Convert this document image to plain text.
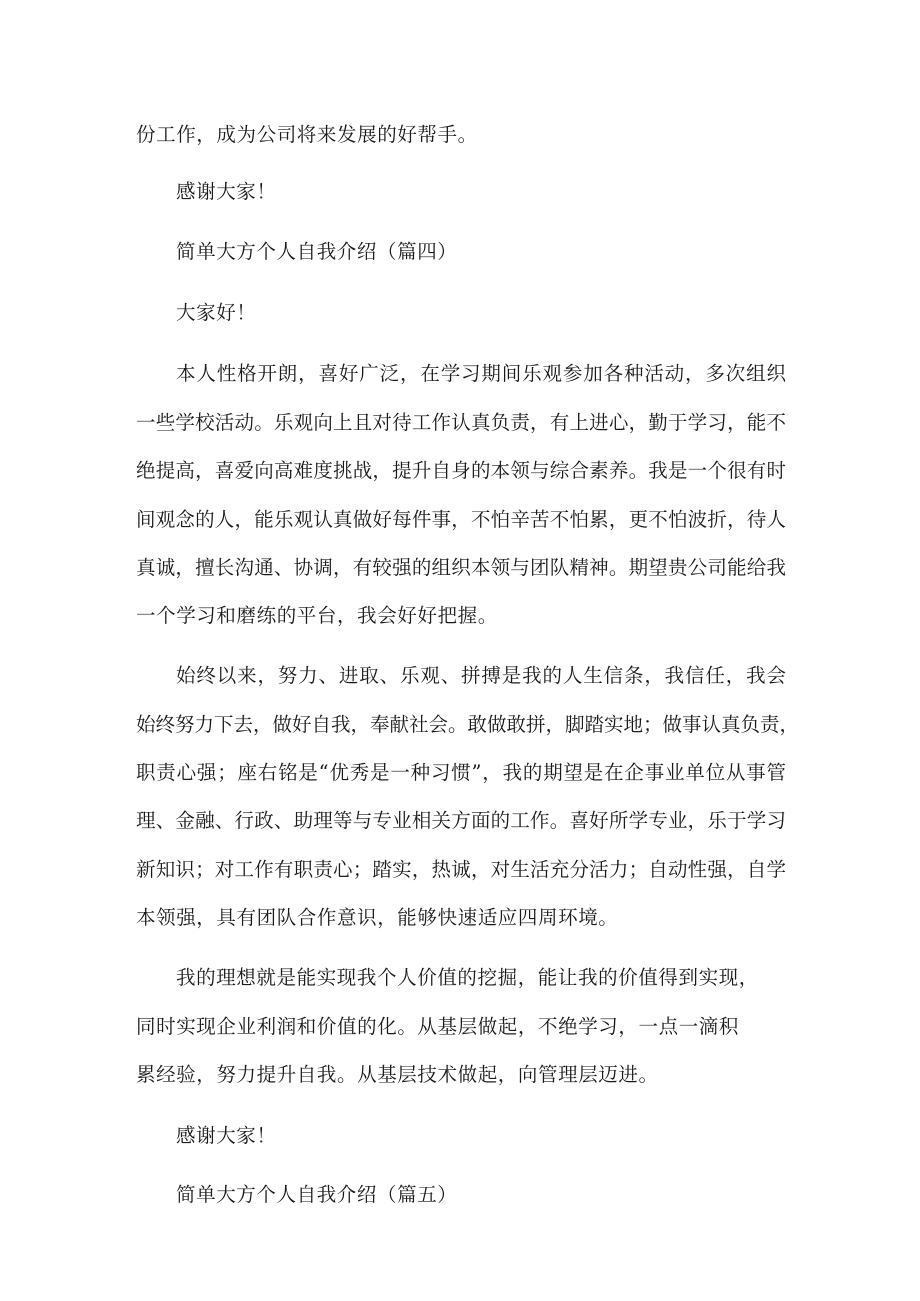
份工作，成为公司将来发展的好帮手。
感谢大家！
简单大方个人自我介绍（篇四）
大家好！
本人性格开朗，喜好广泛，在学习期间乐观参加各种活动，多次组织
一些学校活动。乐观向上且对待工作认真负责，有上进心，勤于学习，能不
绝提高，喜爱向高难度挑战，提升自身的本领与综合素养。我是一个很有时
间观念的人，能乐观认真做好每件事，不怕辛苦不怕累，更不怕波折，待人
真诚，擅长沟通、协调，有较强的组织本领与团队精神。期望贵公司能给我
一个学习和磨练的平台，我会好好把握。
始终以来，努力、进取、乐观、拼搏是我的人生信条，我信任，我会
始终努力下去，做好自我，奉献社会。敢做敢拼，脚踏实地；做事认真负责，
职责心强；座右铭是“优秀是一种习惯”，我的期望是在企事业单位从事管
理、金融、行政、助理等与专业相关方面的工作。喜好所学专业，乐于学习
新知识；对工作有职责心；踏实，热诚，对生活充分活力；自动性强，自学
本领强，具有团队合作意识，能够快速适应四周环境。
我的理想就是能实现我个人价值的挖掘，能让我的价值得到实现，
同时实现企业利润和价值的化。从基层做起，不绝学习，一点一滴积
累经验，努力提升自我。从基层技术做起，向管理层迈进。
感谢大家！
简单大方个人自我介绍（篇五）
